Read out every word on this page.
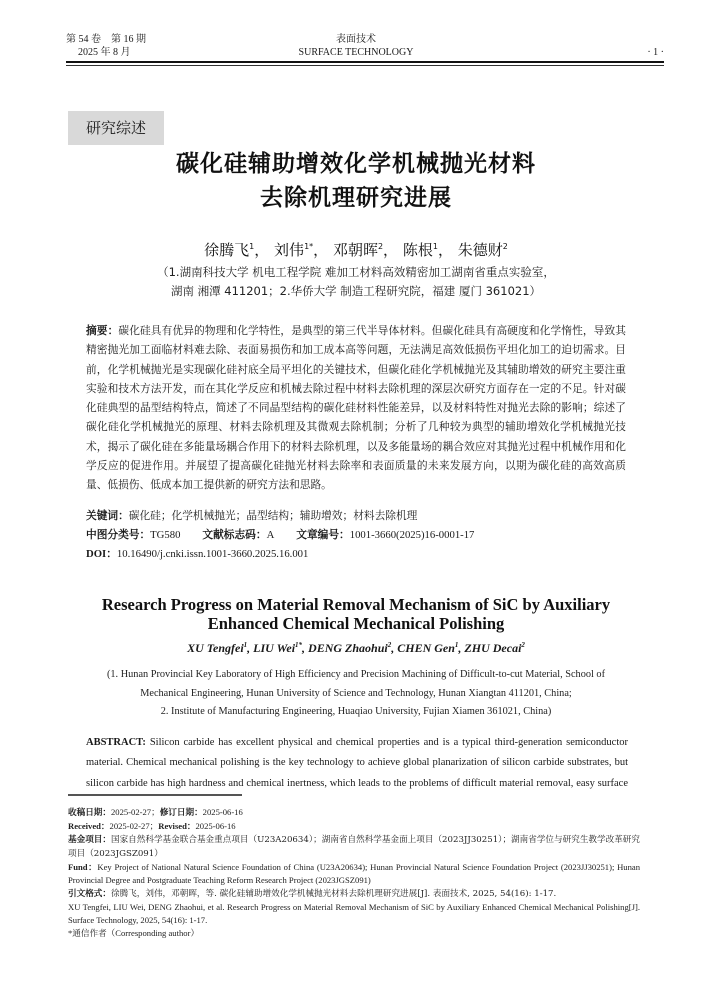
第 54 卷　第 16 期
2025 年 8 月
表面技术
SURFACE TECHNOLOGY	· 1 ·
研究综述
碳化硅辅助增效化学机械抛光材料
去除机理研究进展
徐腾飞$^1$， 刘伟$^{1*}$， 邓朝晖$^2$， 陈根$^1$， 朱德财$^2$
（1.湖南科技大学 机电工程学院 难加工材料高效精密加工湖南省重点实验室，
湖南 湘潭 411201；2.华侨大学 制造工程研究院，福建 厦门 361021）
摘要：碳化硅具有优异的物理和化学特性，是典型的第三代半导体材料。但碳化硅具有高硬度和化学惰性，导致其精密抛光加工面临材料难去除、表面易损伤和加工成本高等问题，无法满足高效低损伤平坦化加工的迫切需求。目前，化学机械抛光是实现碳化硅衬底全局平坦化的关键技术，但碳化硅化学机械抛光及其辅助增效的研究主要注重实验和技术方法开发，而在其化学反应和机械去除过程中材料去除机理的深层次研究方面存在一定的不足。针对碳化硅典型的晶型结构特点，简述了不同晶型结构的碳化硅材料性能差异，以及材料特性对抛光去除的影响；综述了碳化硅化学机械抛光的原理、材料去除机理及其微观去除机制；分析了几种较为典型的辅助增效化学机械抛光技术，揭示了碳化硅在多能量场耦合作用下的材料去除机理，以及多能量场的耦合效应对其抛光过程中机械作用和化学反应的促进作用。并展望了提高碳化硅抛光材料去除率和表面质量的未来发展方向，以期为碳化硅的高效高质量、低损伤、低成本加工提供新的研究方法和思路。
关键词：碳化硅；化学机械抛光；晶型结构；辅助增效；材料去除机理
中图分类号：TG580 文献标志码：A 文章编号：1001-3660(2025)16-0001-17
DOI：10.16490/j.cnki.issn.1001-3660.2025.16.001
Research Progress on Material Removal Mechanism of SiC by Auxiliary
Enhanced Chemical Mechanical Polishing
XU Tengfei$^1$, LIU Wei$^{1*}$, DENG Zhaohui$^2$, CHEN Gen$^1$, ZHU Decai$^2$
(1. Hunan Provincial Key Laboratory of High Efficiency and Precision Machining of Difficult-to-cut Material, School of
Mechanical Engineering, Hunan University of Science and Technology, Hunan Xiangtan 411201, China;
2. Institute of Manufacturing Engineering, Huaqiao University, Fujian Xiamen 361021, China)
ABSTRACT: Silicon carbide has excellent physical and chemical properties and is a typical third-generation semiconductor material. Chemical mechanical polishing is the key technology to achieve global planarization of silicon carbide substrates, but silicon carbide has high hardness and chemical inertness, which leads to the problems of difficult material removal, easy surface

收稿日期：2025-02-27；修订日期：2025-06-16

Received：2025-02-27；Revised：2025-06-16

基金项目：国家自然科学基金联合基金重点项目（U23A20634）；湖南省自然科学基金面上项目（2023JJ30251）；湖南省学位与研究生教学改革研究项目（2023JGSZ091）

Fund：Key Project of National Natural Science Foundation of China (U23A20634); Hunan Provincial Natural Science Foundation Project (2023JJ30251); Hunan Provincial Degree and Postgraduate Teaching Reform Research Project (2023JGSZ091)

引文格式：徐腾飞，刘伟，邓朝晖，等. 碳化硅辅助增效化学机械抛光材料去除机理研究进展[J]. 表面技术, 2025, 54(16): 1-17.

XU Tengfei, LIU Wei, DENG Zhaohui, et al. Research Progress on Material Removal Mechanism of SiC by Auxiliary Enhanced Chemical Mechanical Polishing[J]. Surface Technology, 2025, 54(16): 1-17.

*通信作者（Corresponding author）
